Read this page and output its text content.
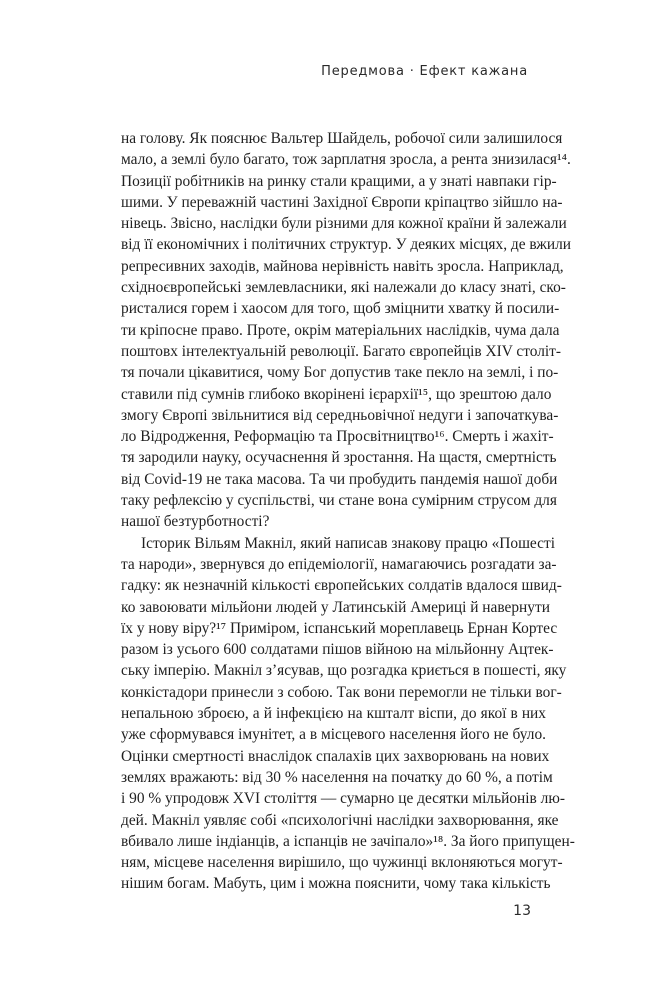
Передмова · Ефект кажана
на голову. Як пояснює Вальтер Шайдель, робочої сили залишилося
мало, а землі було багато, тож зарплатня зросла, а рента знизилася¹⁴.
Позиції робітників на ринку стали кращими, а у знаті навпаки гір-
шими. У переважній частині Західної Європи кріпацтво зійшло на-
нівець. Звісно, наслідки були різними для кожної країни й залежали
від її економічних і політичних структур. У деяких місцях, де вжили
репресивних заходів, майнова нерівність навіть зросла. Наприклад,
східноєвропейські землевласники, які належали до класу знаті, ско-
ристалися горем і хаосом для того, щоб зміцнити хватку й посили-
ти кріпосне право. Проте, окрім матеріальних наслідків, чума дала
поштовх інтелектуальній революції. Багато європейців XIV століт-
тя почали цікавитися, чому Бог допустив таке пекло на землі, і по-
ставили під сумнів глибоко вкорінені ієрархії¹⁵, що зрештою дало
змогу Європі звільнитися від середньовічної недуги і започаткува-
ло Відродження, Реформацію та Просвітництво¹⁶. Смерть і жахіт-
тя зародили науку, осучаснення й зростання. На щастя, смертність
від Covid-19 не така масова. Та чи пробудить пандемія нашої доби
таку рефлексію у суспільстві, чи стане вона сумірним струсом для
нашої безтурботності?
Історик Вільям Макніл, який написав знакову працю «Пошесті
та народи», звернувся до епідеміології, намагаючись розгадати за-
гадку: як незначній кількості європейських солдатів вдалося швид-
ко завоювати мільйони людей у Латинській Америці й навернути
їх у нову віру?¹⁷ Приміром, іспанський мореплавець Ернан Кортес
разом із усього 600 солдатами пішов війною на мільйонну Ацтек-
ську імперію. Макніл з’ясував, що розгадка криється в пошесті, яку
конкістадори принесли з собою. Так вони перемогли не тільки вог-
непальною зброєю, а й інфекцією на кшталт віспи, до якої в них
уже сформувався імунітет, а в місцевого населення його не було.
Оцінки смертності внаслідок спалахів цих захворювань на нових
землях вражають: від 30 % населення на початку до 60 %, а потім
і 90 % упродовж XVI століття — сумарно це десятки мільйонів лю-
дей. Макніл уявляє собі «психологічні наслідки захворювання, яке
вбивало лише індіанців, а іспанців не зачіпало»¹⁸. За його припущен-
ням, місцеве населення вирішило, що чужинці вклоняються могут-
нішим богам. Мабуть, цим і можна пояснити, чому така кількість
13
